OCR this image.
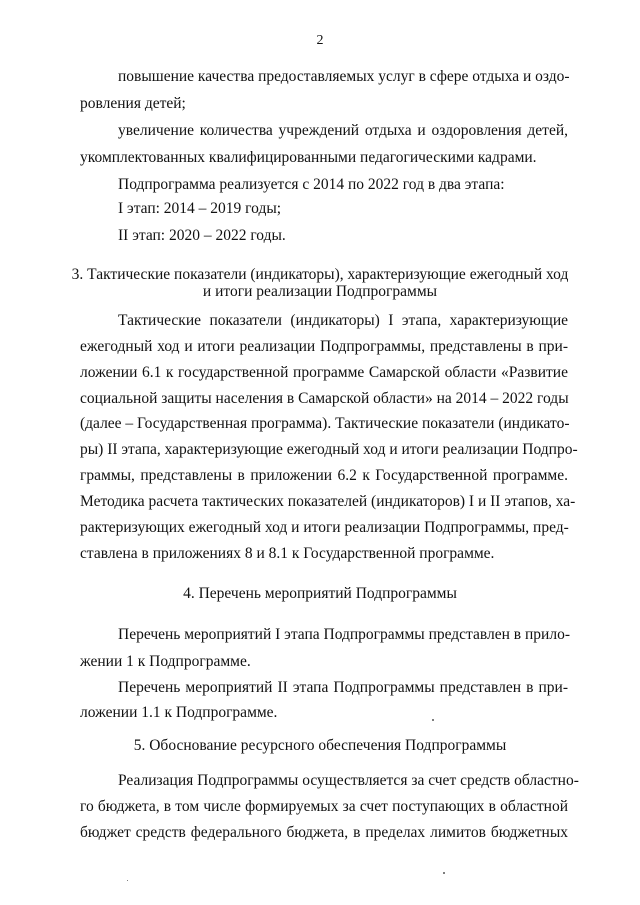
2
повышение качества предоставляемых услуг в сфере отдыха и оздо-
ровления детей;
увеличение количества учреждений отдыха и оздоровления детей,
укомплектованных квалифицированными педагогическими кадрами.
Подпрограмма реализуется с 2014 по 2022 год в два этапа:
I этап: 2014 – 2019 годы;
II этап: 2020 – 2022 годы.
3. Тактические показатели (индикаторы), характеризующие ежегодный ход
и итоги реализации Подпрограммы
Тактические показатели (индикаторы) I этапа, характеризующие
ежегодный ход и итоги реализации Подпрограммы, представлены в при-
ложении 6.1 к государственной программе Самарской области «Развитие
социальной защиты населения в Самарской области» на 2014 – 2022 годы
(далее – Государственная программа). Тактические показатели (индикато-
ры) II этапа, характеризующие ежегодный ход и итоги реализации Подпро-
граммы, представлены в приложении 6.2 к Государственной программе.
Методика расчета тактических показателей (индикаторов) I и II этапов, ха-
рактеризующих ежегодный ход и итоги реализации Подпрограммы, пред-
ставлена в приложениях 8 и 8.1 к Государственной программе.
4. Перечень мероприятий Подпрограммы
Перечень мероприятий I этапа Подпрограммы представлен в прило-
жении 1 к Подпрограмме.
Перечень мероприятий II этапа Подпрограммы представлен в при-
ложении 1.1 к Подпрограмме.
5. Обоснование ресурсного обеспечения Подпрограммы
Реализация Подпрограммы осуществляется за счет средств областно-
го бюджета, в том числе формируемых за счет поступающих в областной
бюджет средств федерального бюджета, в пределах лимитов бюджетных
